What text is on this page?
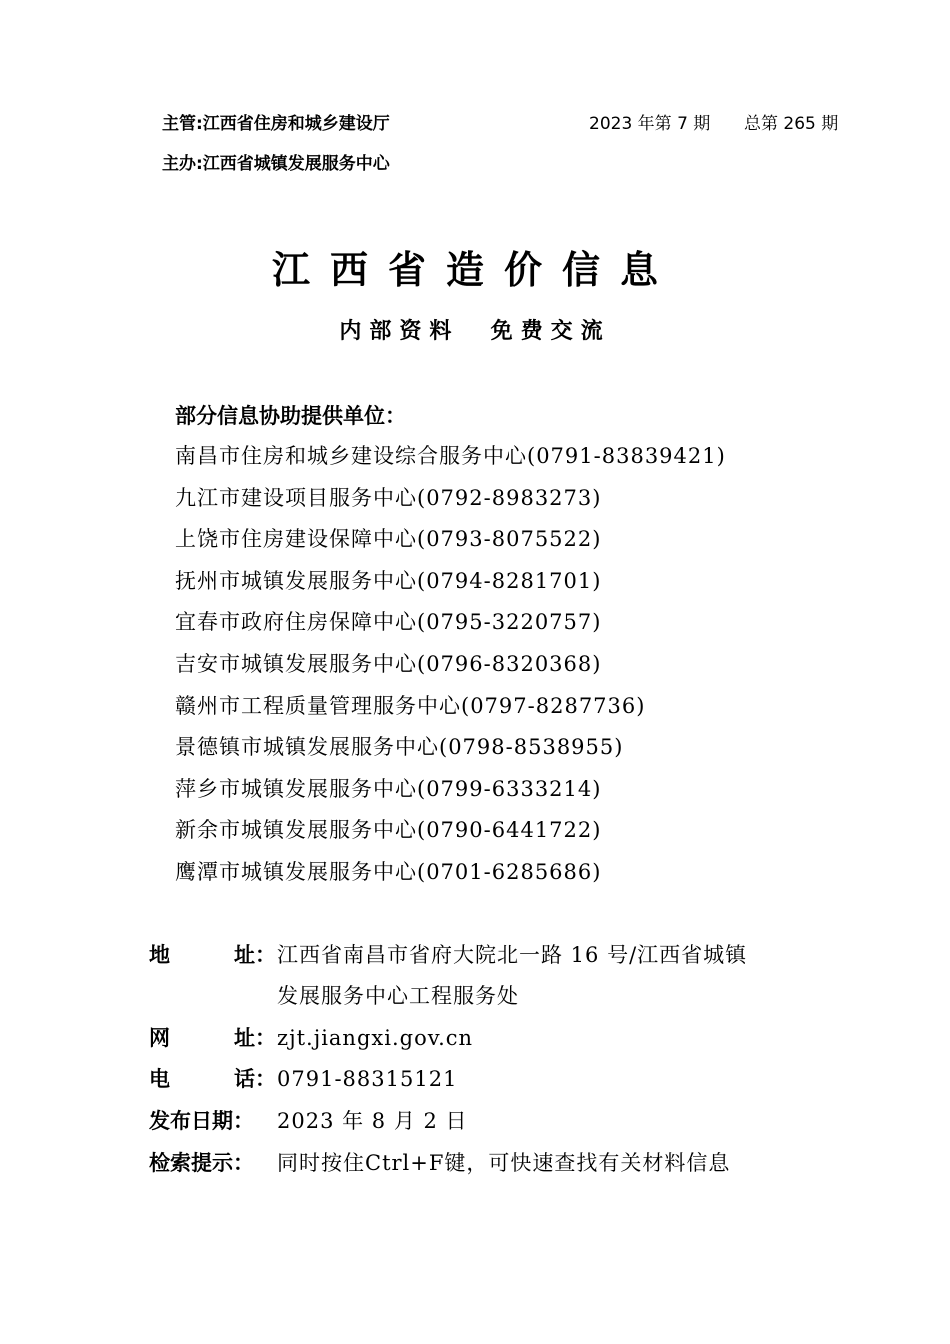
主管:江西省住房和城乡建设厅
主办:江西省城镇发展服务中心
2023 年第 7 期 总第 265 期
江西省造价信息
内部资料  免费交流
部分信息协助提供单位：
南昌市住房和城乡建设综合服务中心(0791-83839421)
九江市建设项目服务中心(0792-8983273)
上饶市住房建设保障中心(0793-8075522)
抚州市城镇发展服务中心(0794-8281701)
宜春市政府住房保障中心(0795-3220757)
吉安市城镇发展服务中心(0796-8320368)
赣州市工程质量管理服务中心(0797-8287736)
景德镇市城镇发展服务中心(0798-8538955)
萍乡市城镇发展服务中心(0799-6333214)
新余市城镇发展服务中心(0790-6441722)
鹰潭市城镇发展服务中心(0701-6285686)
地	址 ： 江西省南昌市省府大院北一路 16 号/江西省城镇
发展服务中心工程服务处
网	址 ： zjt.jiangxi.gov.cn
电	话 ： 0791-88315121
发布日期：	2023 年 8 月 2 日
检索提示：	同时按住Ctrl+F键，可快速查找有关材料信息
